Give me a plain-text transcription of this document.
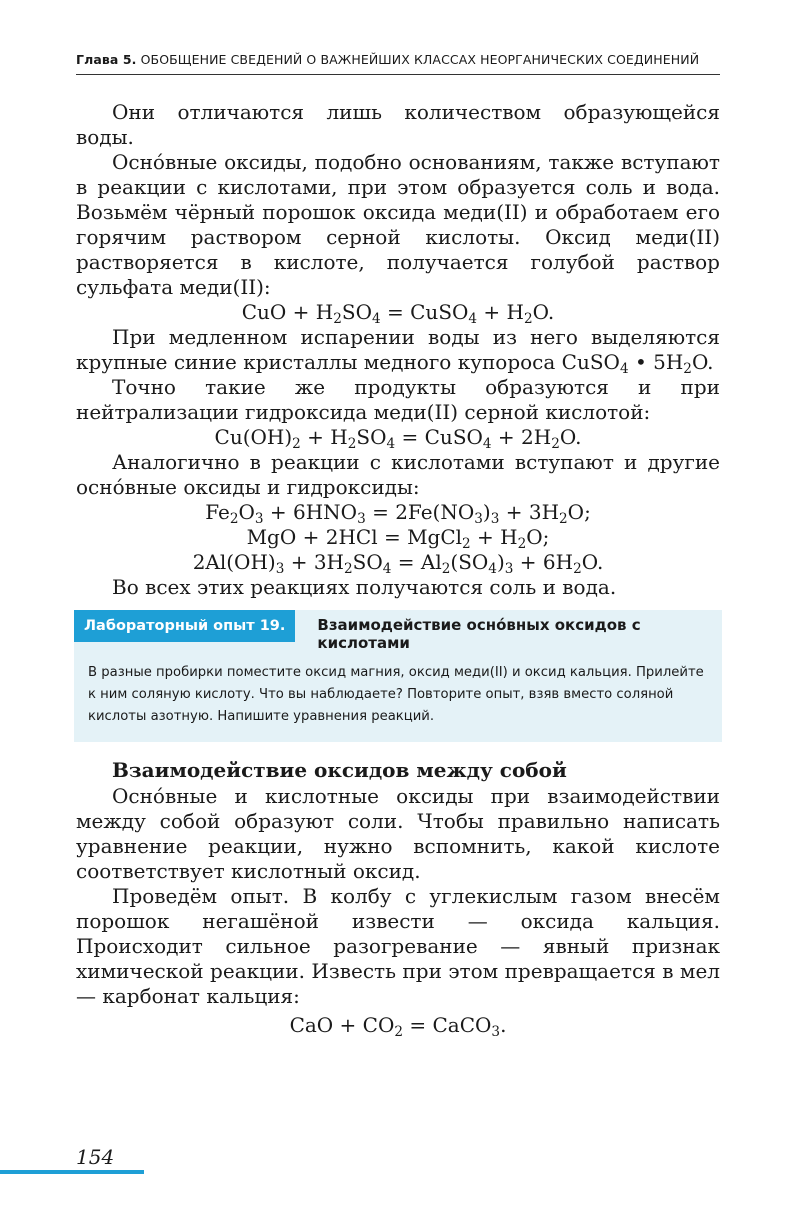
Глава 5. ОБОБЩЕНИЕ СВЕДЕНИЙ О ВАЖНЕЙШИХ КЛАССАХ НЕОРГАНИЧЕСКИХ СОЕДИНЕНИЙ

Они отличаются лишь количеством образующейся воды.

Осно́вные оксиды, подобно основаниям, также вступают в реакции с кислотами, при этом образуется соль и вода. Возьмём чёрный порошок оксида меди(II) и обработаем его горячим раствором серной кислоты. Оксид меди(II) растворяется в кислоте, получается голубой раствор сульфата меди(II):

CuO + $H_2SO_4$ = CuSO$_4$ + $H_2O$.

При медленном испарении воды из него выделяются крупные синие кристаллы медного купороса CuSO$_4$ • $5H_2O$.

Точно такие же продукты образуются и при нейтрализации гидроксида меди(II) серной кислотой:

$Cu(OH)_2 + H_2SO_4$ = CuSO$_4$ + $2H_2O$.

Аналогично в реакции с кислотами вступают и другие осно́вные оксиды и гидроксиды:

$Fe_2O_3 + 6HNO_3 = 2Fe(NO_3)_3 + 3H_2O$;
MgO + 2HCl = MgCl$_2$ + $H_2O$;
$2Al(OH)_3 + 3H_2SO_4 = Al_2(SO_4)_3 + 6H_2O$.

Во всех этих реакциях получаются соль и вода.

Лабораторный опыт 19.	Взаимодействие осно́вных оксидов с кислотами
В разные пробирки поместите оксид магния, оксид меди(II) и оксид кальция. Прилейте к ним соляную кислоту. Что вы наблюдаете? Повторите опыт, взяв вместо соляной кислоты азотную. Напишите уравнения реакций.
Взаимодействие оксидов между собой

Осно́вные и кислотные оксиды при взаимодействии между собой образуют соли. Чтобы правильно написать уравнение реакции, нужно вспомнить, какой кислоте соответствует кислотный оксид.

Проведём опыт. В колбу с углекислым газом внесём порошок негашёной извести — оксида кальция. Происходит сильное разогревание — явный признак химической реакции. Известь при этом превращается в мел — карбонат кальция:

CaO + $CO_2$ = CaCO$_3$.
154
